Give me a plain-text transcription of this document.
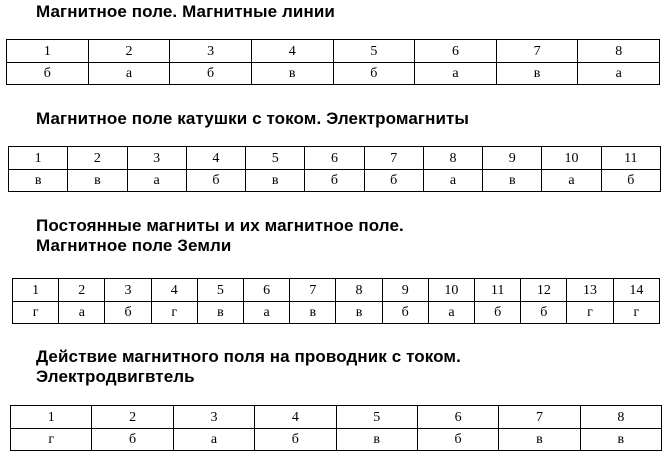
Магнитное поле. Магнитные линии
1	2	3	4	5	6	7	8
б	а	б	в	б	а	в	а
Магнитное поле катушки с током. Электромагниты
1	2	3	4	5	6	7	8	9	10	11
в	в	а	б	в	б	б	а	в	а	б
Постоянные магниты и их магнитное поле.
Магнитное поле Земли
1	2	3	4	5	6	7	8	9	10	11	12	13	14
г	а	б	г	в	а	в	в	б	а	б	б	г	г
Действие магнитного поля на проводник с током.
Электродвигвтель
1	2	3	4	5	6	7	8
г	б	а	б	в	б	в	в
